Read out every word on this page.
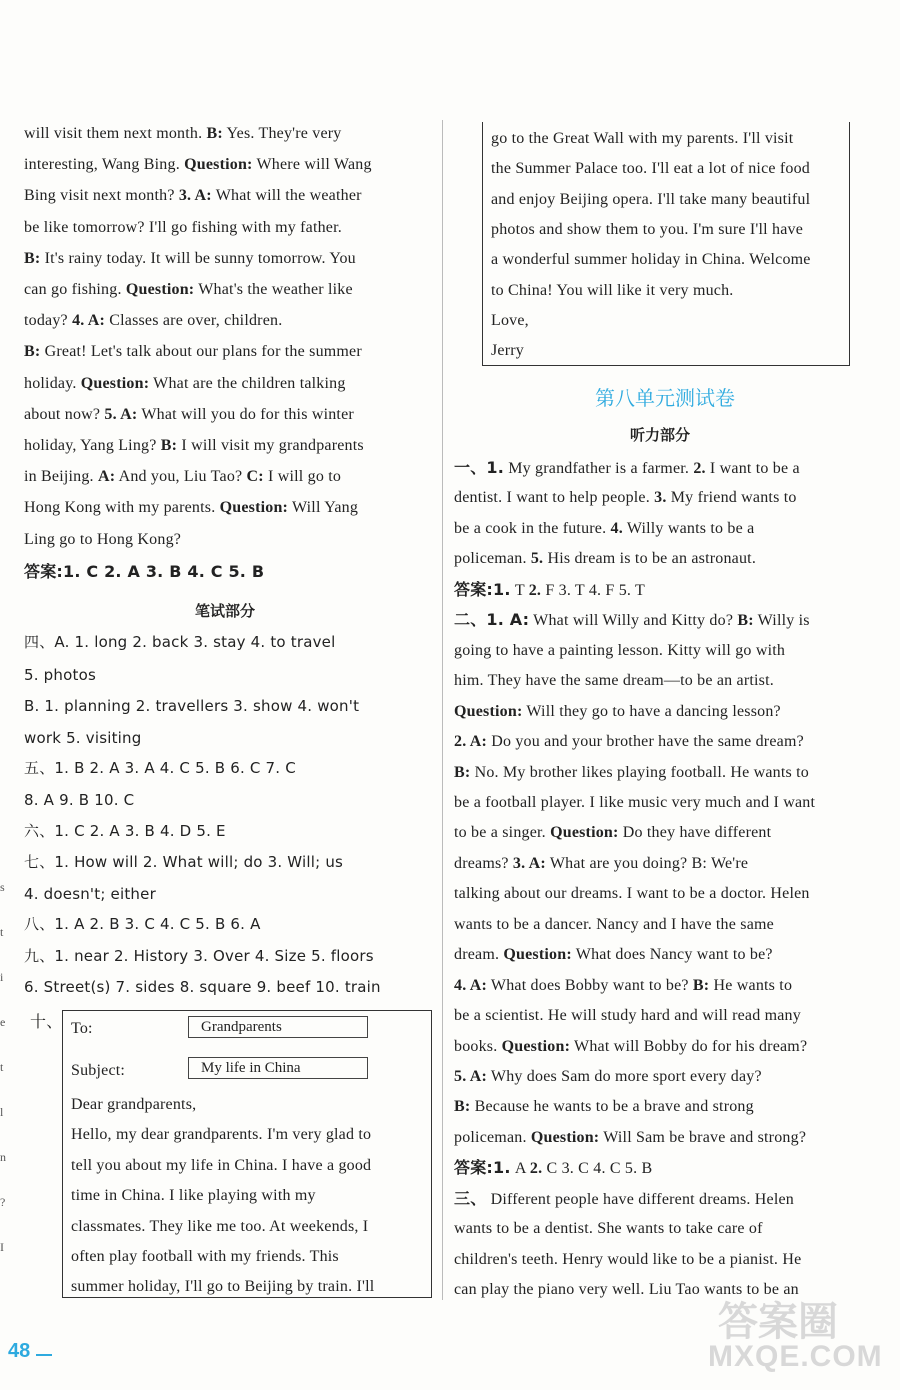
will visit them next month. B: Yes. They're very
interesting, Wang Bing. Question: Where will Wang
Bing visit next month? 3. A: What will the weather
be like tomorrow? I'll go fishing with my father.
B: It's rainy today. It will be sunny tomorrow. You
can go fishing. Question: What's the weather like
today? 4. A: Classes are over, children.
B: Great! Let's talk about our plans for the summer
holiday. Question: What are the children talking
about now? 5. A: What will you do for this winter
holiday, Yang Ling? B: I will visit my grandparents
in Beijing. A: And you, Liu Tao? C: I will go to
Hong Kong with my parents. Question: Will Yang
Ling go to Hong Kong?
答案:1. C 2. A 3. B 4. C 5. B
笔试部分
四、A. 1. long 2. back 3. stay 4. to travel
5. photos
B. 1. planning 2. travellers 3. show 4. won't
work 5. visiting
五、1. B 2. A 3. A 4. C 5. B 6. C 7. C
8. A 9. B 10. C
六、1. C 2. A 3. B 4. D 5. E
七、1. How will 2. What will; do 3. Will; us
4. doesn't; either
八、1. A 2. B 3. C 4. C 5. B 6. A
九、1. near 2. History 3. Over 4. Size 5. floors
6. Street(s) 7. sides 8. square 9. beef 10. train
十、 To:	Grandparents
Subject:	My life in China
Dear grandparents,
Hello, my dear grandparents. I'm very glad to
tell you about my life in China. I have a good
time in China. I like playing with my
classmates. They like me too. At weekends, I
often play football with my friends. This
summer holiday, I'll go to Beijing by train. I'll
go to the Great Wall with my parents. I'll visit
the Summer Palace too. I'll eat a lot of nice food
and enjoy Beijing opera. I'll take many beautiful
photos and show them to you. I'm sure I'll have
a wonderful summer holiday in China. Welcome
to China! You will like it very much.
Love,
Jerry
第八单元测试卷
听力部分
一、1. My grandfather is a farmer. 2. I want to be a
dentist. I want to help people. 3. My friend wants to
be a cook in the future. 4. Willy wants to be a
policeman. 5. His dream is to be an astronaut.
答案:1. T 2. F 3. T 4. F 5. T
二、1. A: What will Willy and Kitty do? B: Willy is
going to have a painting lesson. Kitty will go with
him. They have the same dream—to be an artist.
Question: Will they go to have a dancing lesson?
2. A: Do you and your brother have the same dream?
B: No. My brother likes playing football. He wants to
be a football player. I like music very much and I want
to be a singer. Question: Do they have different
dreams? 3. A: What are you doing? B: We're
talking about our dreams. I want to be a doctor. Helen
wants to be a dancer. Nancy and I have the same
dream. Question: What does Nancy want to be?
4. A: What does Bobby want to be? B: He wants to
be a scientist. He will study hard and will read many
books. Question: What will Bobby do for his dream?
5. A: Why does Sam do more sport every day?
B: Because he wants to be a brave and strong
policeman. Question: Will Sam be brave and strong?
答案:1. A 2. C 3. C 4. C 5. B
三、 Different people have different dreams. Helen
wants to be a dentist. She wants to take care of
children's teeth. Henry would like to be a pianist. He
can play the piano very well. Liu Tao wants to be an
48
答案圈
MXQE.COM
s
t
i
e
t
l
n
?
I
